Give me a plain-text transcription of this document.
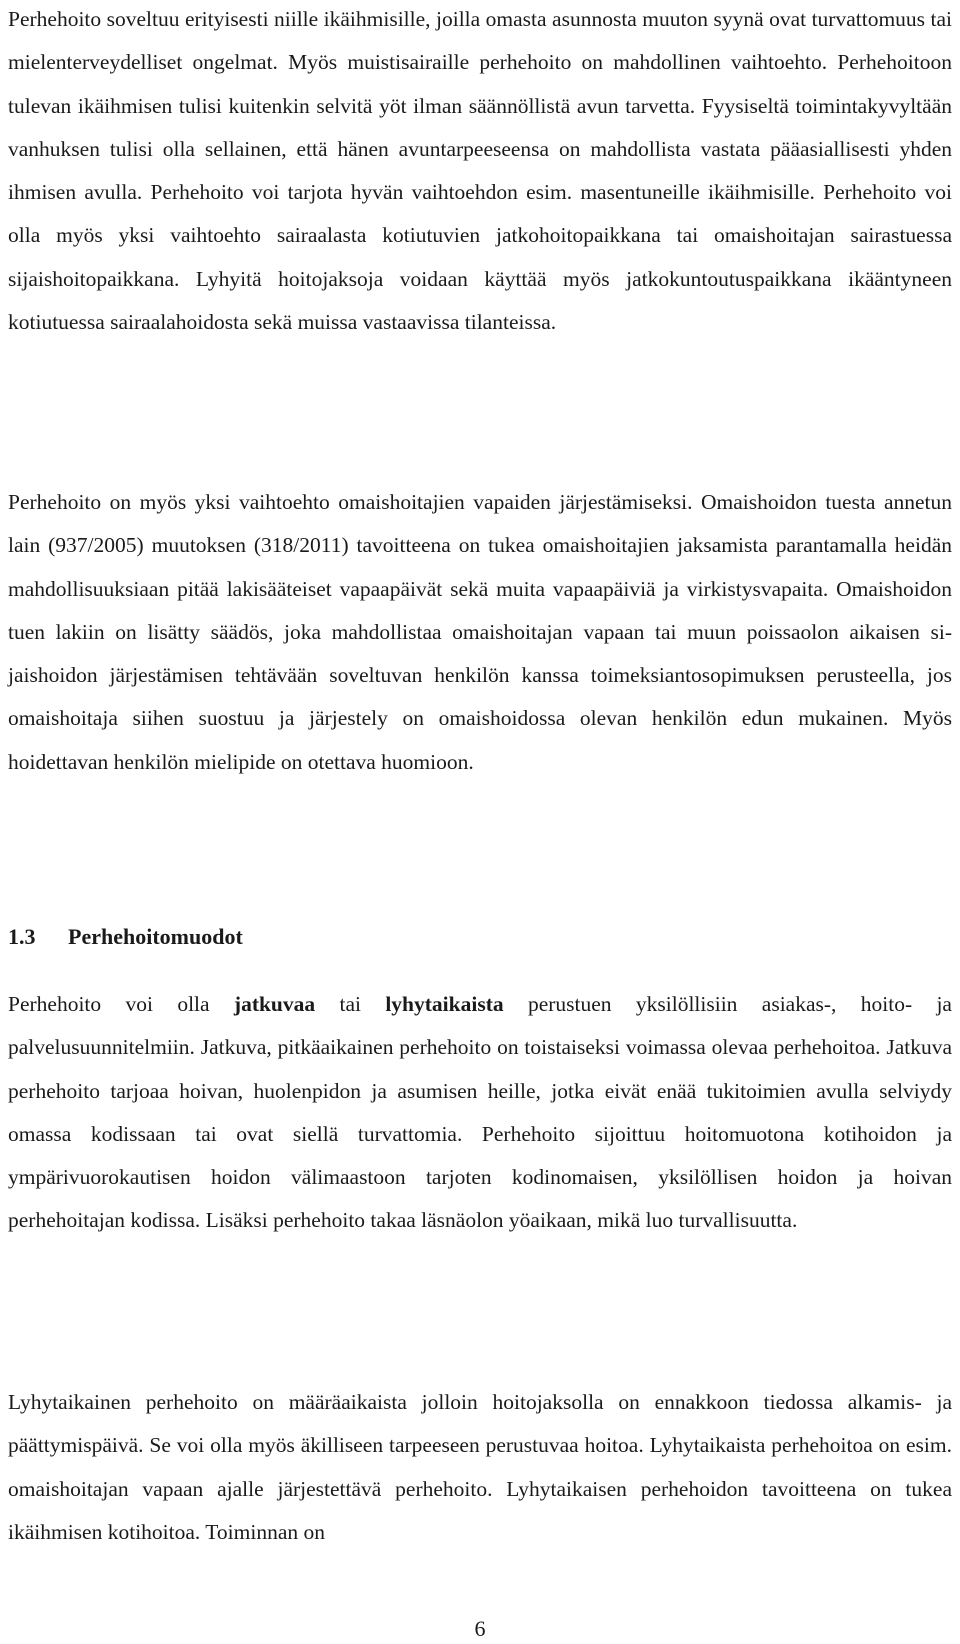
Perhehoito soveltuu erityisesti niille ikäihmisille, joilla omasta asunnosta muuton syynä ovat turvattomuus tai mielenterveydelliset ongelmat. Myös muistisairaille perhehoito on mahdollinen vaihtoehto. Perhehoitoon tulevan ikäihmisen tulisi kuitenkin selvitä yöt ilman säännöllistä avun tarvetta. Fyysiseltä toimintakyvyltään vanhuksen tulisi olla sellainen, että hänen avuntarpeeseensa on mahdollista vastata pääasiallisesti yhden ihmisen avulla. Perhehoito voi tarjota hyvän vaihtoehdon esim. masentuneille ikäihmisille. Perhehoito voi olla myös yksi vaihtoehto sairaalasta kotiutuvien jatkohoitopaikkana tai omaishoitajan sairastuessa sijaishoitopaikkana. Lyhyitä hoitojaksoja voidaan käyttää myös jatkokuntoutuspaikkana ikääntyneen kotiutuessa sairaalahoidosta sekä muissa vastaavissa tilanteissa.

Perhehoito on myös yksi vaihtoehto omaishoitajien vapaiden järjestämiseksi. Omaishoidon tuesta annetun lain (937/2005) muutoksen (318/2011) tavoitteena on tukea omaishoitajien jaksamista parantamalla heidän mahdollisuuksiaan pitää lakisääteiset vapaapäivät sekä muita vapaapäiviä ja virkistysvapaita. Omaishoidon tuen lakiin on lisätty säädös, joka mahdollistaa omaishoitajan vapaan tai muun poissaolon aikaisen sijaishoidon järjestämisen tehtävään soveltuvan henkilön kanssa toimeksiantosopimuksen perusteella, jos omaishoitaja siihen suostuu ja järjestely on omaishoidossa olevan henkilön edun mukainen. Myös hoidettavan henkilön mielipide on otettava huomioon.

1.3 Perhehoitomuodot

Perhehoito voi olla jatkuvaa tai lyhytaikaista perustuen yksilöllisiin asiakas-, hoito- ja palvelusuunnitelmiin. Jatkuva, pitkäaikainen perhehoito on toistaiseksi voimassa olevaa perhehoitoa. Jatkuva perhehoito tarjoaa hoivan, huolenpidon ja asumisen heille, jotka eivät enää tukitoimien avulla selviydy omassa kodissaan tai ovat siellä turvattomia. Perhehoito sijoittuu hoitomuotona kotihoidon ja ympärivuorokautisen hoidon välimaastoon tarjoten kodinomaisen, yksilöllisen hoidon ja hoivan perhehoitajan kodissa. Lisäksi perhehoito takaa läsnäolon yöaikaan, mikä luo turvallisuutta.

Lyhytaikainen perhehoito on määräaikaista jolloin hoitojaksolla on ennakkoon tiedossa alkamis- ja päättymispäivä. Se voi olla myös äkilliseen tarpeeseen perustuvaa hoitoa. Lyhytaikaista perhehoitoa on esim. omaishoitajan vapaan ajalle järjestettävä perhehoito. Lyhytaikaisen perhehoidon tavoitteena on tukea ikäihmisen kotihoitoa. Toiminnan on

6
